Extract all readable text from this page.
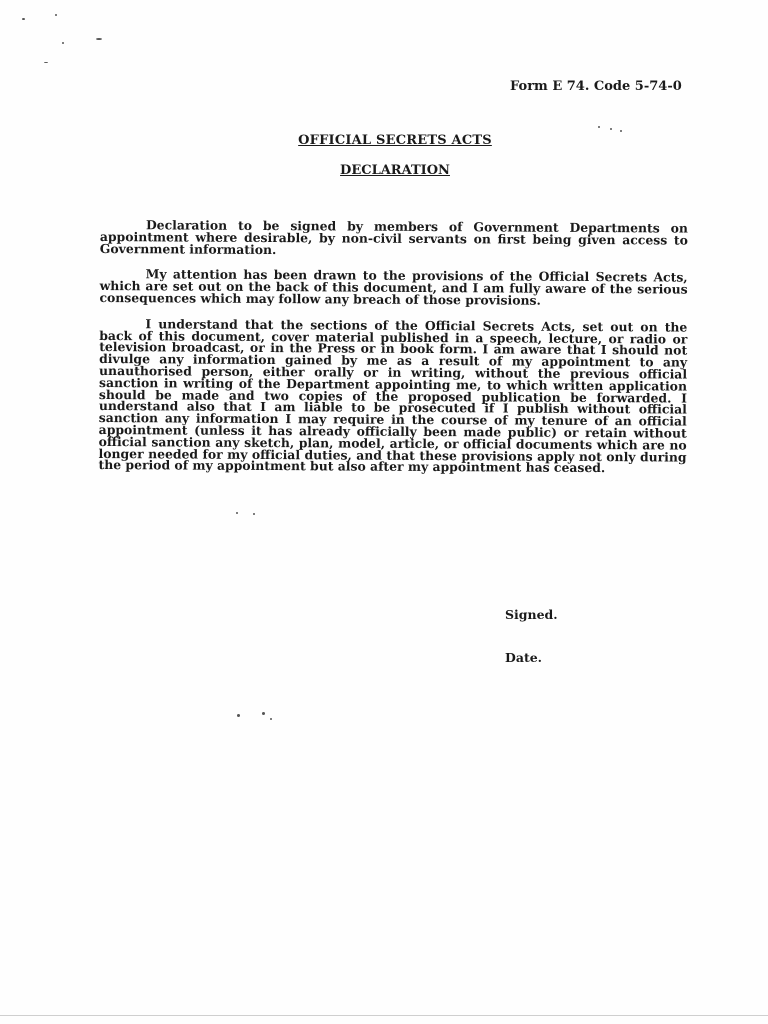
Form E 74. Code 5-74-0
OFFICIAL SECRETS ACTS
DECLARATION

Declaration to be signed by members of Government Departments on appointment where desirable, by non-civil servants on first being given access to Government information.

My attention has been drawn to the provisions of the Official Secrets Acts, which are set out on the back of this document, and I am fully aware of the serious consequences which may follow any breach of those provisions.

I understand that the sections of the Official Secrets Acts, set out on the back of this document, cover material published in a speech, lecture, or radio or television broadcast, or in the Press or in book form. I am aware that I should not divulge any information gained by me as a result of my appointment to any unauthorised person, either orally or in writing, without the previous official sanction in writing of the Department appointing me, to which written application should be made and two copies of the proposed publication be forwarded. I understand also that I am liable to be prosecuted if I publish without official sanction any information I may require in the course of my tenure of an official appointment (unless it has already officially been made public) or retain without official sanction any sketch, plan, model, article, or official documents which are no longer needed for my official duties, and that these provisions apply not only during the period of my appointment but also after my appointment has ceased.

Signed.
Date.
